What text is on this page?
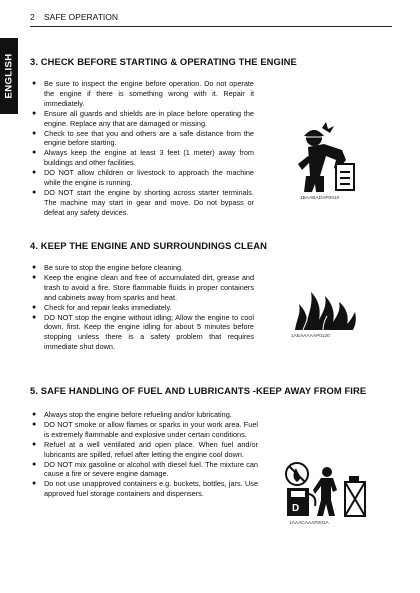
2 SAFE OPERATION
ENGLISH 3. CHECK BEFORE STARTING & OPERATING THE ENGINE
● Be sure to inspect the engine before operation. Do not operate the engine if there is something wrong with it. Repair it immediately.
● Ensure all guards and shields are in place before operating the engine. Replace any that are damaged or missing.
● Check to see that you and others are a safe distance from the engine before starting.
● Always keep the engine at least 3 feet (1 meter) away from buildings and other facilities.
● DO NOT allow children or livestock to approach the machine while the engine is running.
● DO NOT start the engine by shorting across starter terminals. The machine may start in gear and move. Do not bypass or defeat any safety devices.
1BAABADAP0010
4. KEEP THE ENGINE AND SURROUNDINGS CLEAN
● Be sure to stop the engine before cleaning.
● Keep the engine clean and free of accumulated dirt, grease and trash to avoid a fire. Store flammable fluids in proper containers and cabinets away from sparks and heat.
● Check for and repair leaks immediately.
● DO NOT stop the engine without idling; Allow the engine to cool down, first. Keep the engine idling for about 5 minutes before stopping unless there is a safety problem that requires immediate shut down.
1AEAAAAAP0120
5. SAFE HANDLING OF FUEL AND LUBRICANTS -KEEP AWAY FROM FIRE
● Always stop the engine before refueling and/or lubricating.
● DO NOT smoke or allow flames or sparks in your work area. Fuel is extremely flammable and explosive under certain conditions.
● Refuel at a well ventilated and open place. When fuel and/or lubricants are spilled, refuel after letting the engine cool down.
● DO NOT mix gasoline or alcohol with diesel fuel. The mixture can cause a fire or severe engine damage.
● Do not use unapproved containers e.g. buckets, bottles, jars. Use approved fuel storage containers and dispensers.
D
1AAACAAAP001A
